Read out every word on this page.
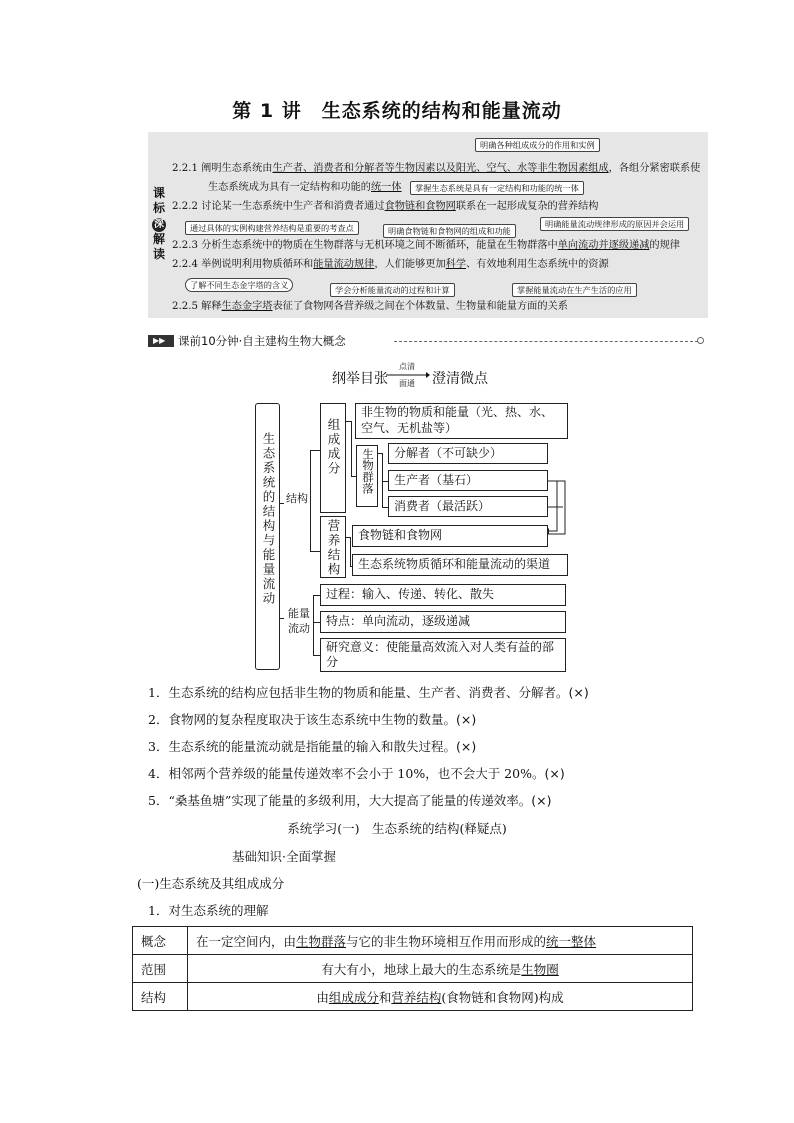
第 1 讲　生态系统的结构和能量流动
课
标
深
解
读
明确各种组成成分的作用和实例
2.2.1 阐明生态系统由生产者、消费者和分解者等生物因素以及阳光、空气、水等非生物因素组成，各组分紧密联系使
生态系统成为具有一定结构和功能的统一体	掌握生态系统是具有一定结构和功能的统一体
2.2.2 讨论某一生态系统中生产者和消费者通过食物链和食物网联系在一起形成复杂的营养结构
通过具体的实例构建营养结构是重要的考查点	明确食物链和食物网的组成和功能
明确能量流动规律形成的原因并会运用
2.2.3 分析生态系统中的物质在生物群落与无机环境之间不断循环，能量在生物群落中单向流动并逐级递减的规律
2.2.4 举例说明利用物质循环和能量流动规律，人们能够更加科学、有效地利用生态系统中的资源
了解不同生态金字塔的含义	学会分析能量流动的过程和计算	掌握能量流动在生产生活的应用
2.2.5 解释生态金字塔表征了食物网各营养级之间在个体数量、生物量和能量方面的关系
▶▶
课前10分钟·自主建构生物大概念
纲举目张
点清
面通	澄清微点
生态系统的结构与能量流动 结构
能量流动
组成成分
非生物的物质和能量（光、热、水、空气、无机盐等）
生物群落	分解者（不可缺少）
生产者（基石）
消费者（最活跃）
营养结构	食物链和食物网
生态系统物质循环和能量流动的渠道
过程：输入、传递、转化、散失
特点：单向流动，逐级递减
研究意义：使能量高效流入对人类有益的部分
1．生态系统的结构应包括非生物的物质和能量、生产者、消费者、分解者。(×)
2．食物网的复杂程度取决于该生态系统中生物的数量。(×)
3．生态系统的能量流动就是指能量的输入和散失过程。(×)
4．相邻两个营养级的能量传递效率不会小于 10%，也不会大于 20%。(×)
5．“桑基鱼塘”实现了能量的多级利用，大大提高了能量的传递效率。(×)
系统学习(一)　生态系统的结构(释疑点)
基础知识·全面掌握
(一)生态系统及其组成成分
1．对生态系统的理解
概念	在一定空间内，由生物群落与它的非生物环境相互作用而形成的统一整体
范围	有大有小，地球上最大的生态系统是生物圈
结构	由组成成分和营养结构(食物链和食物网)构成
